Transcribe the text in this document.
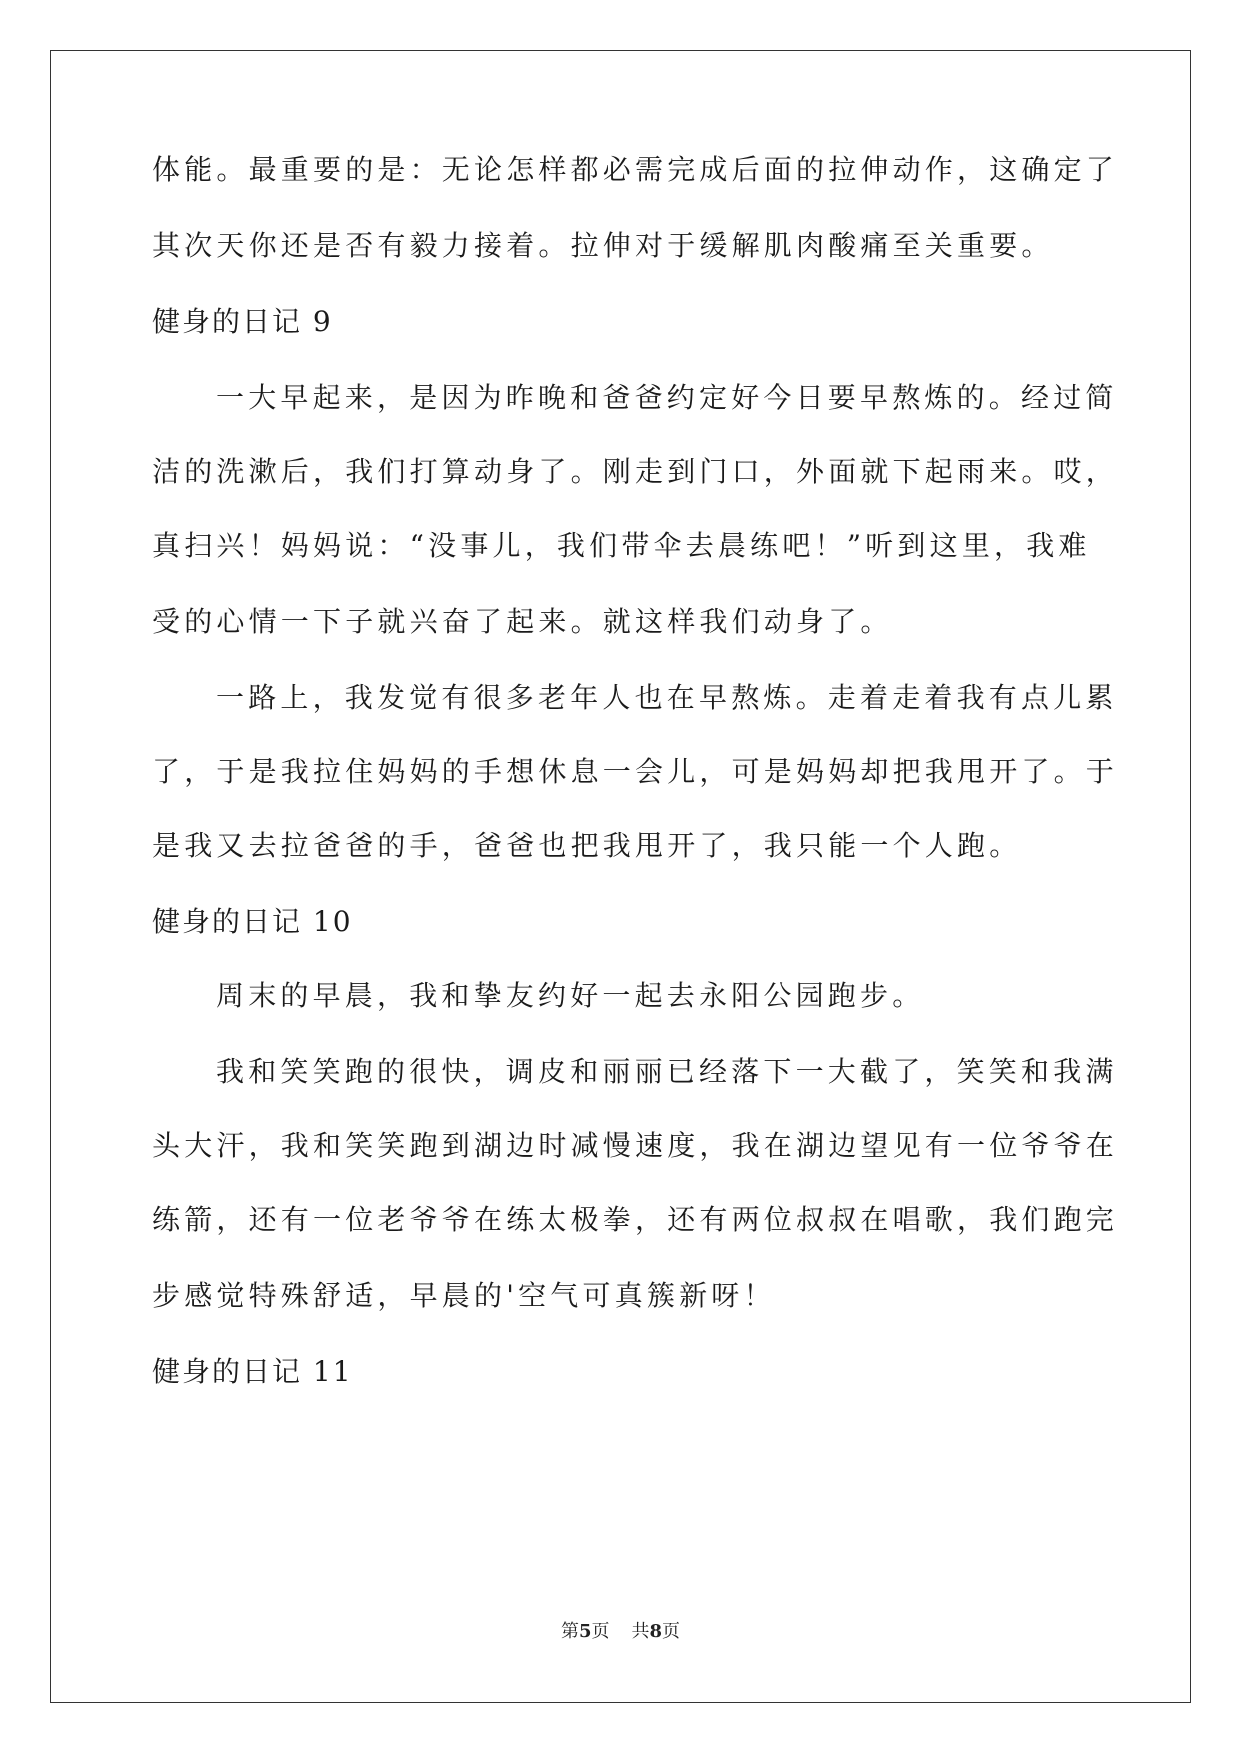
体能。最重要的是：无论怎样都必需完成后面的拉伸动作，这确定了
其次天你还是否有毅力接着。拉伸对于缓解肌肉酸痛至关重要。
健身的日记 9
一大早起来，是因为昨晚和爸爸约定好今日要早熬炼的。经过简
洁的洗漱后，我们打算动身了。刚走到门口，外面就下起雨来。哎，
真扫兴！妈妈说：“没事儿，我们带伞去晨练吧！”听到这里，我难
受的心情一下子就兴奋了起来。就这样我们动身了。
一路上，我发觉有很多老年人也在早熬炼。走着走着我有点儿累
了，于是我拉住妈妈的手想休息一会儿，可是妈妈却把我甩开了。于
是我又去拉爸爸的手，爸爸也把我甩开了，我只能一个人跑。
健身的日记 10
周末的早晨，我和挚友约好一起去永阳公园跑步。
我和笑笑跑的很快，调皮和丽丽已经落下一大截了，笑笑和我满
头大汗，我和笑笑跑到湖边时减慢速度，我在湖边望见有一位爷爷在
练箭，还有一位老爷爷在练太极拳，还有两位叔叔在唱歌，我们跑完
步感觉特殊舒适，早晨的'空气可真簇新呀！
健身的日记 11
第5页 共8页
